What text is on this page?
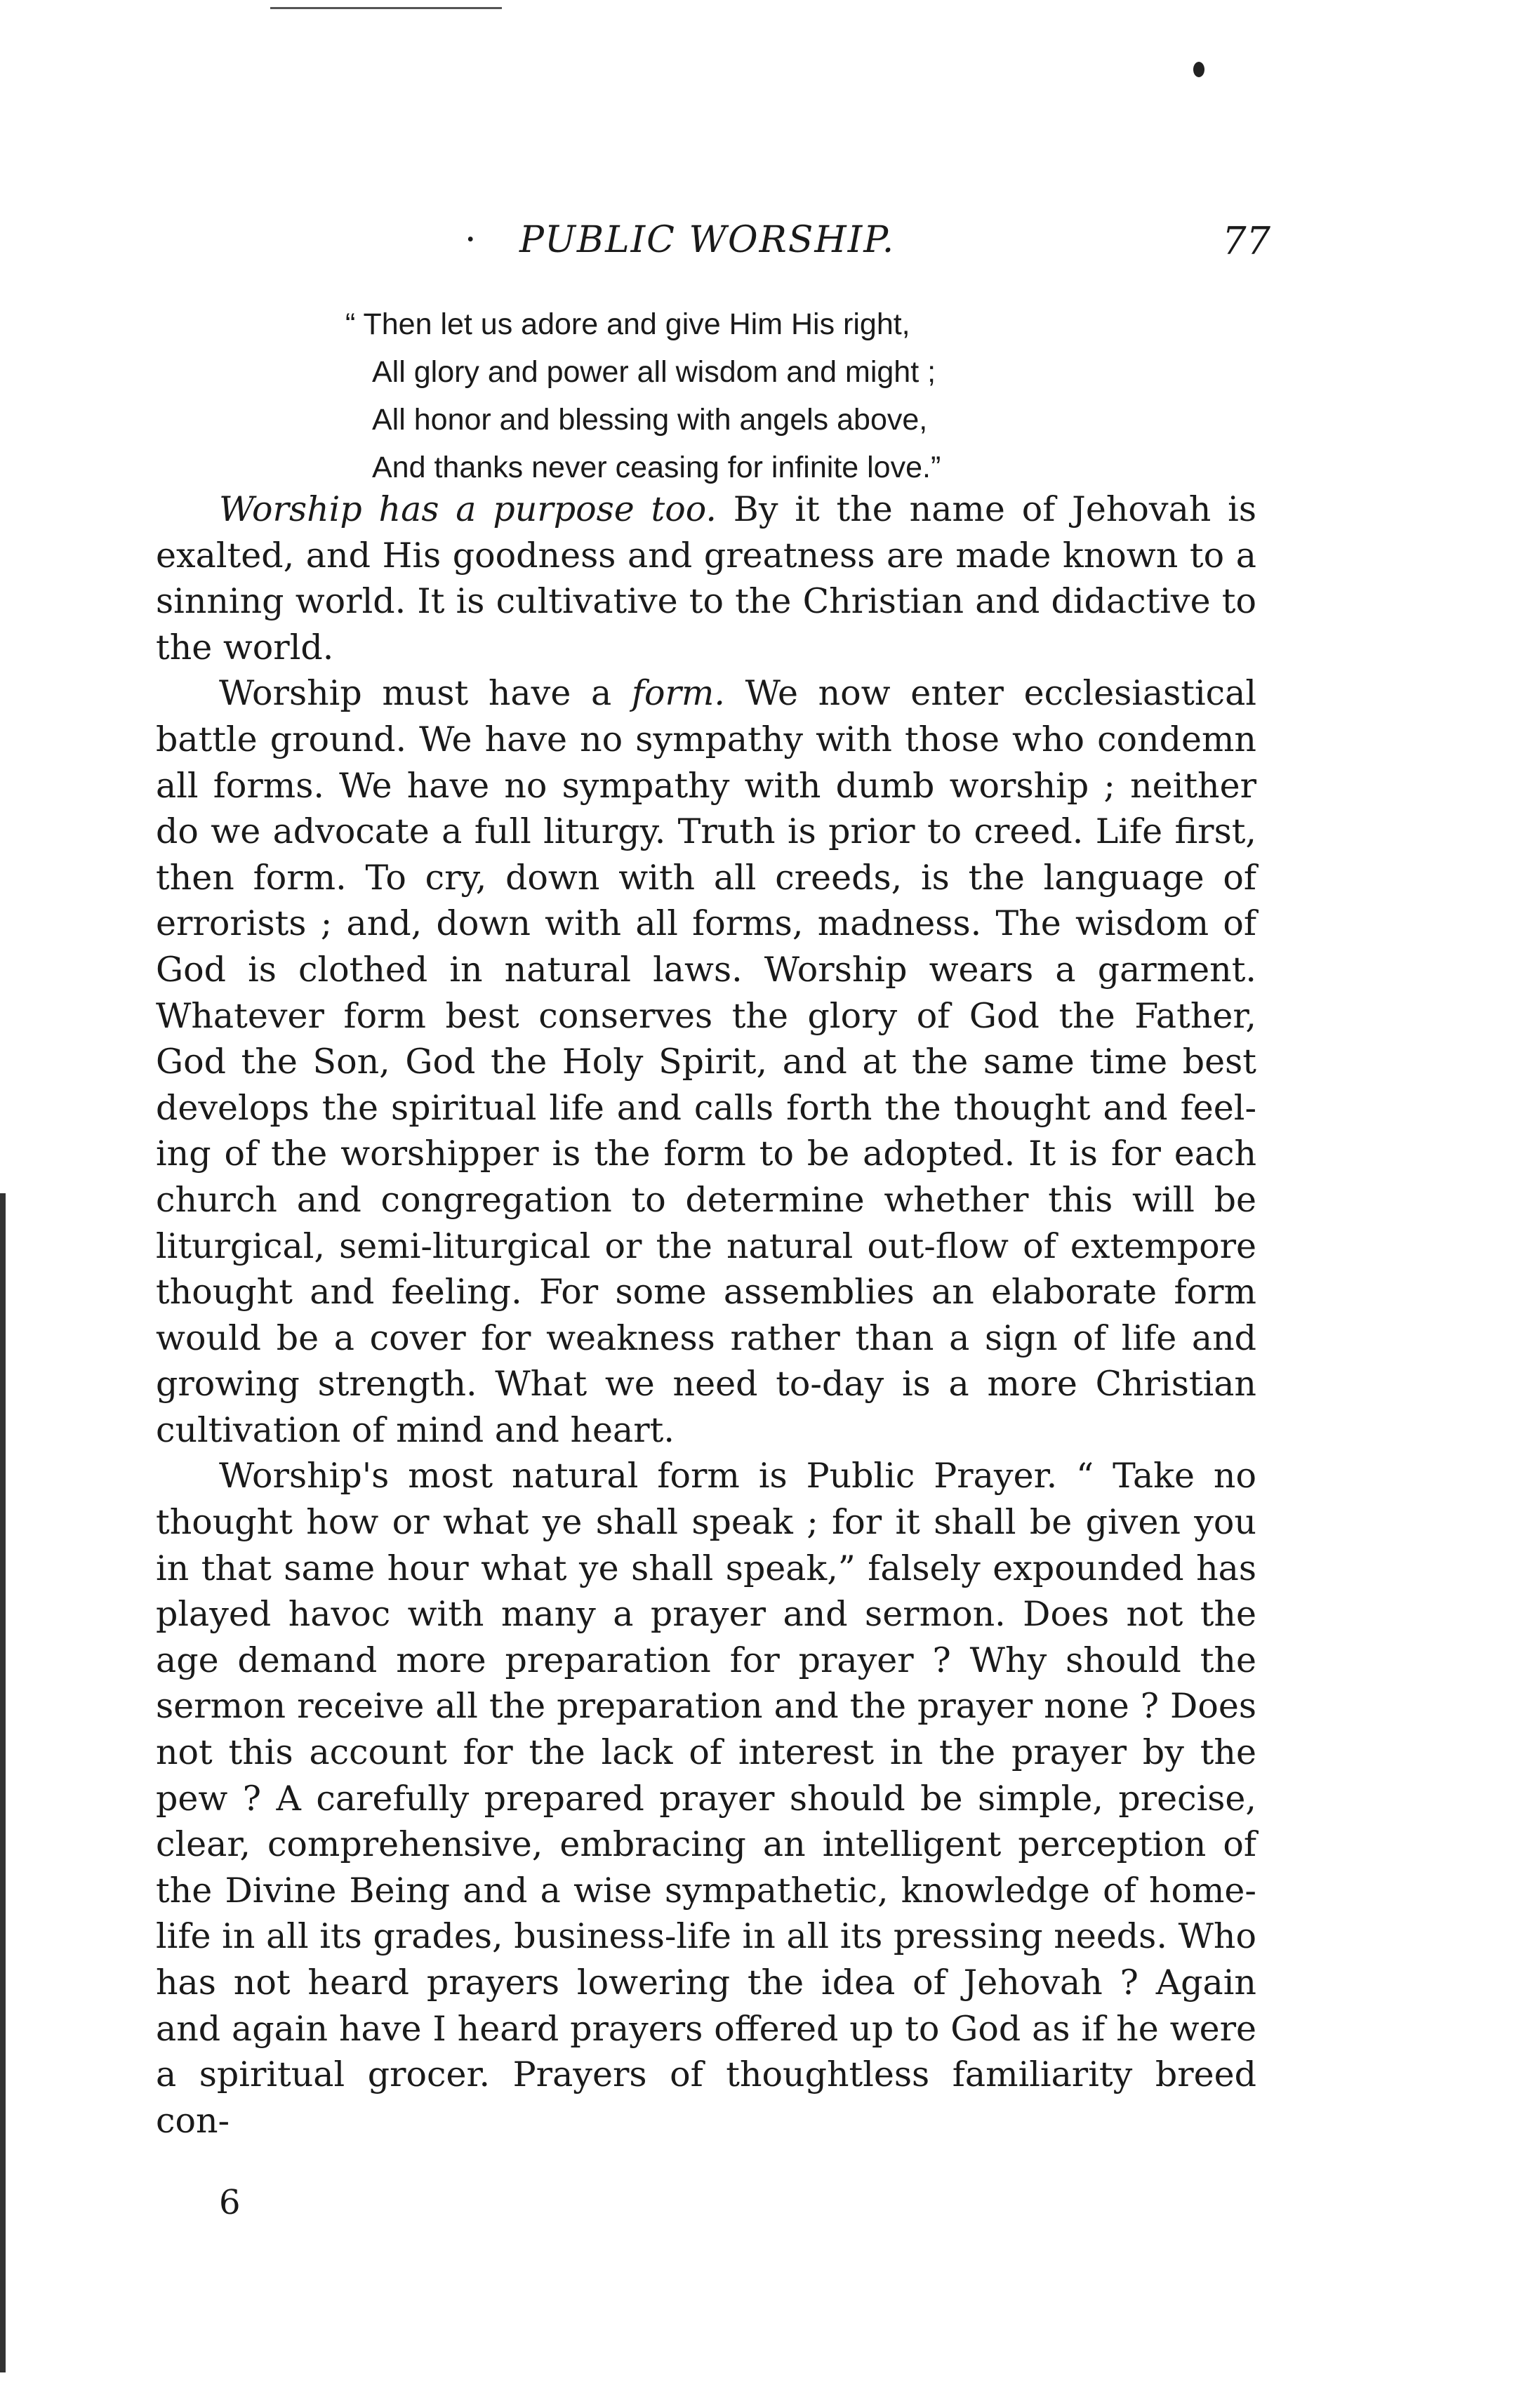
· PUBLIC WORSHIP.	77
“ Then let us adore and give Him His right,
All glory and power all wisdom and might ;
All honor and blessing with angels above,
And thanks never ceasing for infinite love.”

Worship has a purpose too. By it the name of Jehovah is exalted, and His goodness and greatness are made known to a sinning world. It is cultivative to the Christian and didactive to the world.

Worship must have a form. We now enter ecclesiastical battle ground. We have no sympathy with those who condemn all forms. We have no sympathy with dumb worship ; neither do we advocate a full liturgy. Truth is prior to creed. Life first, then form. To cry, down with all creeds, is the language of errorists ; and, down with all forms, madness. The wisdom of God is clothed in natural laws. Worship wears a garment. Whatever form best conserves the glory of God the Father, God the Son, God the Holy Spirit, and at the same time best develops the spiritual life and calls forth the thought and feeling of the worshipper is the form to be adopted. It is for each church and congregation to determine whether this will be liturgical, semi-liturgical or the natural out-flow of extempore thought and feeling. For some assemblies an elaborate form would be a cover for weakness rather than a sign of life and growing strength. What we need to-day is a more Christian cultivation of mind and heart.

Worship's most natural form is Public Prayer. “ Take no thought how or what ye shall speak ; for it shall be given you in that same hour what ye shall speak,” falsely expounded has played havoc with many a prayer and sermon. Does not the age demand more preparation for prayer ? Why should the sermon receive all the preparation and the prayer none ? Does not this account for the lack of interest in the prayer by the pew ? A carefully prepared prayer should be simple, precise, clear, comprehensive, embracing an intelligent perception of the Divine Being and a wise sympathetic, knowledge of home-life in all its grades, business-life in all its pressing needs. Who has not heard prayers lowering the idea of Jehovah ? Again and again have I heard prayers offered up to God as if he were a spiritual grocer. Prayers of thoughtless familiarity breed con-

6
